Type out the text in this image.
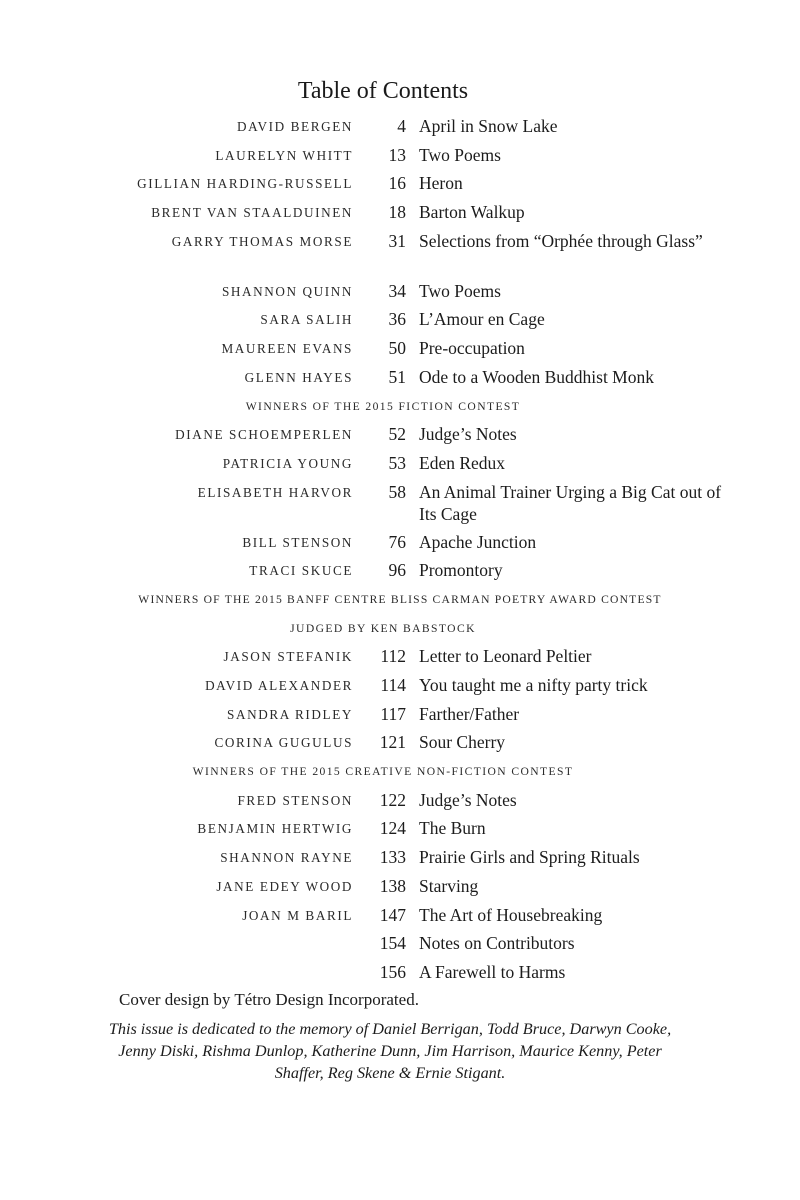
Table of Contents
DAVID BERGEN	4 April in Snow Lake
LAURELYN WHITT	13 Two Poems
GILLIAN HARDING-RUSSELL	16 Heron
BRENT VAN STAALDUINEN	18 Barton Walkup
GARRY THOMAS MORSE	31 Selections from “Orphée through Glass”
SHANNON QUINN	34 Two Poems
SARA SALIH	36 L’Amour en Cage
MAUREEN EVANS	50 Pre-occupation
GLENN HAYES	51 Ode to a Wooden Buddhist Monk
WINNERS OF THE 2015 FICTION CONTEST
DIANE SCHOEMPERLEN	52 Judge’s Notes
PATRICIA YOUNG	53 Eden Redux
ELISABETH HARVOR	58 An Animal Trainer Urging a Big Cat out of Its Cage
BILL STENSON	76 Apache Junction
TRACI SKUCE	96 Promontory
WINNERS OF THE 2015 BANFF CENTRE BLISS CARMAN POETRY AWARD CONTEST
JUDGED BY KEN BABSTOCK
JASON STEFANIK	112 Letter to Leonard Peltier
DAVID ALEXANDER	114 You taught me a nifty party trick
SANDRA RIDLEY	117 Farther/Father
CORINA GUGULUS	121 Sour Cherry
WINNERS OF THE 2015 CREATIVE NON-FICTION CONTEST
FRED STENSON	122 Judge’s Notes
BENJAMIN HERTWIG	124 The Burn
SHANNON RAYNE	133 Prairie Girls and Spring Rituals
JANE EDEY WOOD	138 Starving
JOAN M BARIL	147 The Art of Housebreaking
154 Notes on Contributors
156 A Farewell to Harms
Cover design by Tétro Design Incorporated.
This issue is dedicated to the memory of Daniel Berrigan, Todd Bruce, Darwyn Cooke, Jenny Diski, Rishma Dunlop, Katherine Dunn, Jim Harrison, Maurice Kenny, Peter Shaffer, Reg Skene & Ernie Stigant.
